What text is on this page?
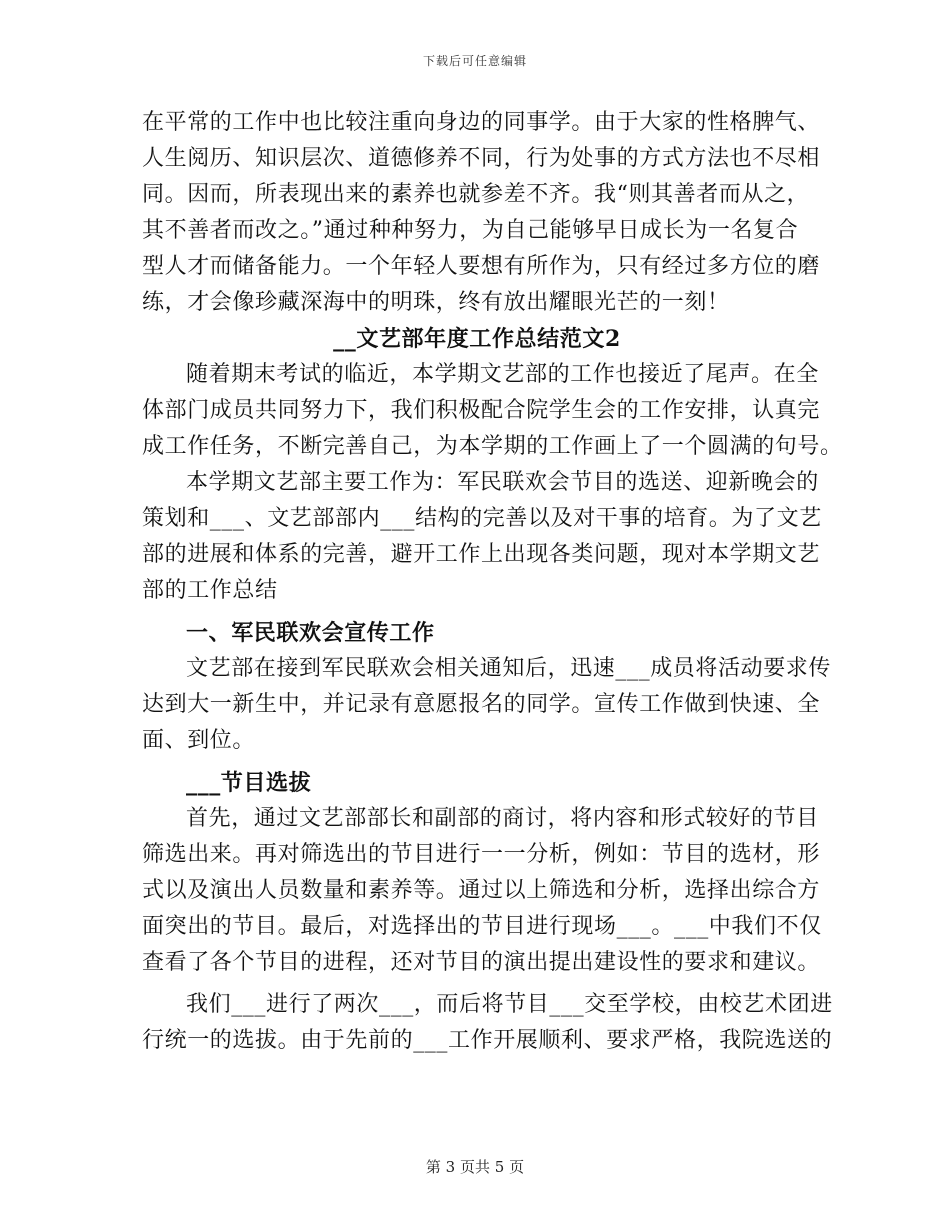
下载后可任意编辑
在平常的工作中也比较注重向身边的同事学。由于大家的性格脾气、
人生阅历、知识层次、道德修养不同，行为处事的方式方法也不尽相
同。因而，所表现出来的素养也就参差不齐。我“则其善者而从之，
其不善者而改之。”通过种种努力，为自己能够早日成长为一名复合
型人才而储备能力。一个年轻人要想有所作为，只有经过多方位的磨
练，才会像珍藏深海中的明珠，终有放出耀眼光芒的一刻！
__文艺部年度工作总结范文2
随着期末考试的临近，本学期文艺部的工作也接近了尾声。在全
体部门成员共同努力下，我们积极配合院学生会的工作安排，认真完
成工作任务，不断完善自己，为本学期的工作画上了一个圆满的句号。
本学期文艺部主要工作为：军民联欢会节目的选送、迎新晚会的
策划和___、文艺部部内___结构的完善以及对干事的培育。为了文艺
部的进展和体系的完善，避开工作上出现各类问题，现对本学期文艺
部的工作总结
一、军民联欢会宣传工作
文艺部在接到军民联欢会相关通知后，迅速___成员将活动要求传
达到大一新生中，并记录有意愿报名的同学。宣传工作做到快速、全
面、到位。
___节目选拔
首先，通过文艺部部长和副部的商讨，将内容和形式较好的节目
筛选出来。再对筛选出的节目进行一一分析，例如：节目的选材，形
式以及演出人员数量和素养等。通过以上筛选和分析，选择出综合方
面突出的节目。最后，对选择出的节目进行现场___。___中我们不仅
查看了各个节目的进程，还对节目的演出提出建设性的要求和建议。
我们___进行了两次___，而后将节目___交至学校，由校艺术团进
行统一的选拔。由于先前的___工作开展顺利、要求严格，我院选送的
第 3 页共 5 页
